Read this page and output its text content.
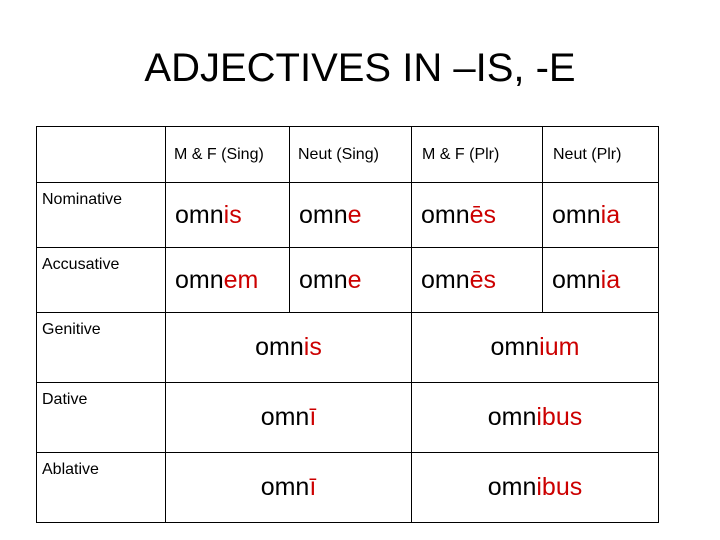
ADJECTIVES IN –IS, -E
	M & F (Sing)	Neut (Sing)	M & F (Plr)	Neut (Plr)
Nominative	omnis	omne	omnēs	omnia
Accusative	omnem	omne	omnēs	omnia
Genitive	omnis		omnium	
Dative	omnī		omnibus	
Ablative	omnī		omnibus	
